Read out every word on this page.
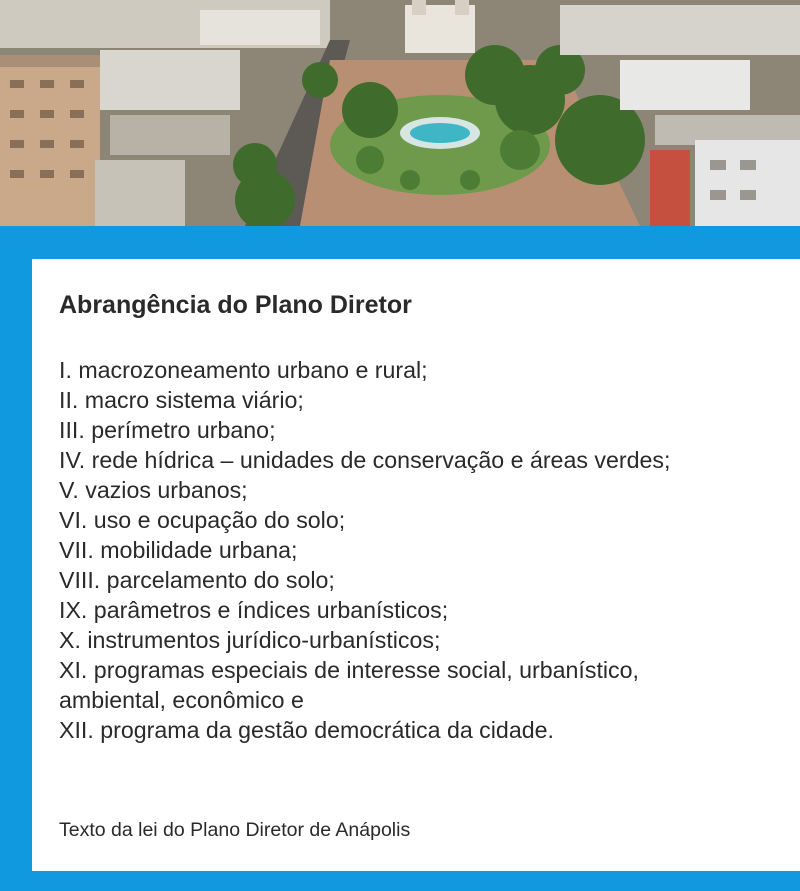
Abrangência do Plano Diretor
I. macrozoneamento urbano e rural;
II. macro sistema viário;
III. perímetro urbano;
IV. rede hídrica – unidades de conservação e áreas verdes;
V. vazios urbanos;
VI. uso e ocupação do solo;
VII. mobilidade urbana;
VIII. parcelamento do solo;
IX. parâmetros e índices urbanísticos;
X. instrumentos jurídico-urbanísticos;
XI. programas especiais de interesse social, urbanístico, ambiental, econômico e
XII. programa da gestão democrática da cidade.

Texto da lei do Plano Diretor de Anápolis
